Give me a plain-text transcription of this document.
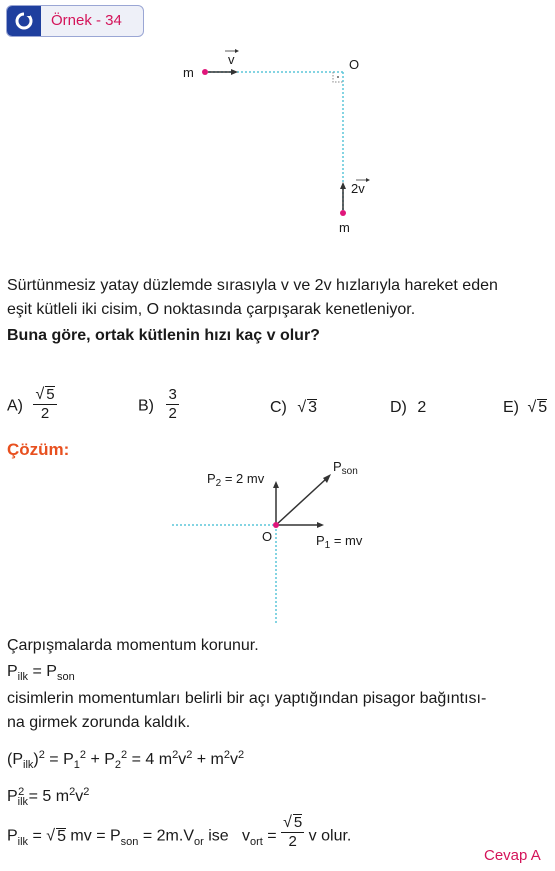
Örnek - 34
m
v	O
2v
m
Sürtünmesiz yatay düzlemde sırasıyla v ve 2v hızlarıyla hareket eden
eşit kütleli iki cisim, O noktasında çarpışarak kenetleniyor.
Buna göre, ortak kütlenin hızı kaç v olur?
$A) \frac{√ 5}{2}$	$B) \frac{3}{2}$	C) √ 3	D) 2	E) √ 5
Çözüm:
$P_2 = 2$ mv
$P_{son}$
O	$P_1$ = mv
Çarpışmalarda momentum korunur.
$P_{ilk} = P_{son}$
cisimlerin momentumları belirli bir açı yaptığından pisagor bağıntısı-
na girmek zorunda kaldık.
$(P_{ilk})^2 = P_1^2 + P_2^2 = 4$ $m^2v^2 + m^2v^2$
$P_{ilk}^2 = 5$ $m^2v^2$
$P_{ilk}$ = √ 5 mv = $P_{son} = 2m.V_{or}$ ise   $v_{ort} = \frac{√ 5}{2}$ v olur.
Cevap A
